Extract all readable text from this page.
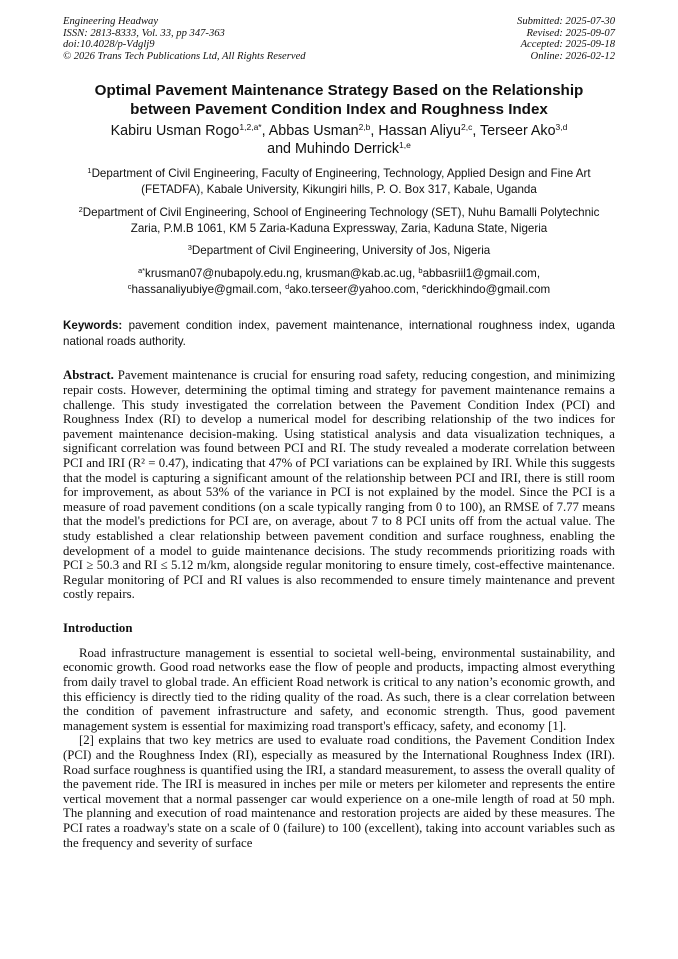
Engineering Headway
ISSN: 2813-8333, Vol. 33, pp 347-363
doi:10.4028/p-Vdglj9
© 2026 Trans Tech Publications Ltd, All Rights Reserved
Submitted: 2025-07-30
Revised: 2025-09-07
Accepted: 2025-09-18
Online: 2026-02-12
Optimal Pavement Maintenance Strategy Based on the Relationship
between Pavement Condition Index and Roughness Index
Kabiru Usman Rogo$^{1,2,a*}$, Abbas Usman$^{2,b}$, Hassan Aliyu$^{2,c}$, Terseer Ako$^{3,d}$
and Muhindo Derrick$^{1,e}$
$^1$Department of Civil Engineering, Faculty of Engineering, Technology, Applied Design and Fine Art (FETADFA), Kabale University, Kikungiri hills, P. O. Box 317, Kabale, Uganda
$^2$Department of Civil Engineering, School of Engineering Technology (SET), Nuhu Bamalli Polytechnic Zaria, P.M.B 1061, KM 5 Zaria-Kaduna Expressway, Zaria, Kaduna State, Nigeria
$^3$Department of Civil Engineering, University of Jos, Nigeria
$^{a*}$krusman07@nubapoly.edu.ng, krusman@kab.ac.ug, $^b$abbasriil1@gmail.com,
$^c$hassanaliyubiye@gmail.com, $^d$ako.terseer@yahoo.com, $^e$derickhindo@gmail.com
Keywords: pavement condition index, pavement maintenance, international roughness index, uganda national roads authority.
Abstract. Pavement maintenance is crucial for ensuring road safety, reducing congestion, and minimizing repair costs. However, determining the optimal timing and strategy for pavement maintenance remains a challenge. This study investigated the correlation between the Pavement Condition Index (PCI) and Roughness Index (RI) to develop a numerical model for describing relationship of the two indices for pavement maintenance decision-making. Using statistical analysis and data visualization techniques, a significant correlation was found between PCI and RI. The study revealed a moderate correlation between PCI and IRI (R² = 0.47), indicating that 47% of PCI variations can be explained by IRI. While this suggests that the model is capturing a significant amount of the relationship between PCI and IRI, there is still room for improvement, as about 53% of the variance in PCI is not explained by the model. Since the PCI is a measure of road pavement conditions (on a scale typically ranging from 0 to 100), an RMSE of 7.77 means that the model's predictions for PCI are, on average, about 7 to 8 PCI units off from the actual value. The study established a clear relationship between pavement condition and surface roughness, enabling the development of a model to guide maintenance decisions. The study recommends prioritizing roads with PCI ≥ 50.3 and RI ≤ 5.12 m/km, alongside regular monitoring to ensure timely, cost-effective maintenance. Regular monitoring of PCI and RI values is also recommended to ensure timely maintenance and prevent costly repairs.
Introduction

Road infrastructure management is essential to societal well-being, environmental sustainability, and economic growth. Good road networks ease the flow of people and products, impacting almost everything from daily travel to global trade. An efficient Road network is critical to any nation’s economic growth, and this efficiency is directly tied to the riding quality of the road. As such, there is a clear correlation between the condition of pavement infrastructure and safety, and economic strength. Thus, good pavement management system is essential for maximizing road transport's efficacy, safety, and economy [1].

[2] explains that two key metrics are used to evaluate road conditions, the Pavement Condition Index (PCI) and the Roughness Index (RI), especially as measured by the International Roughness Index (IRI). Road surface roughness is quantified using the IRI, a standard measurement, to assess the overall quality of the pavement ride. The IRI is measured in inches per mile or meters per kilometer and represents the entire vertical movement that a normal passenger car would experience on a one-mile length of road at 50 mph. The planning and execution of road maintenance and restoration projects are aided by these measures. The PCI rates a roadway's state on a scale of 0 (failure) to 100 (excellent), taking into account variables such as the frequency and severity of surface
